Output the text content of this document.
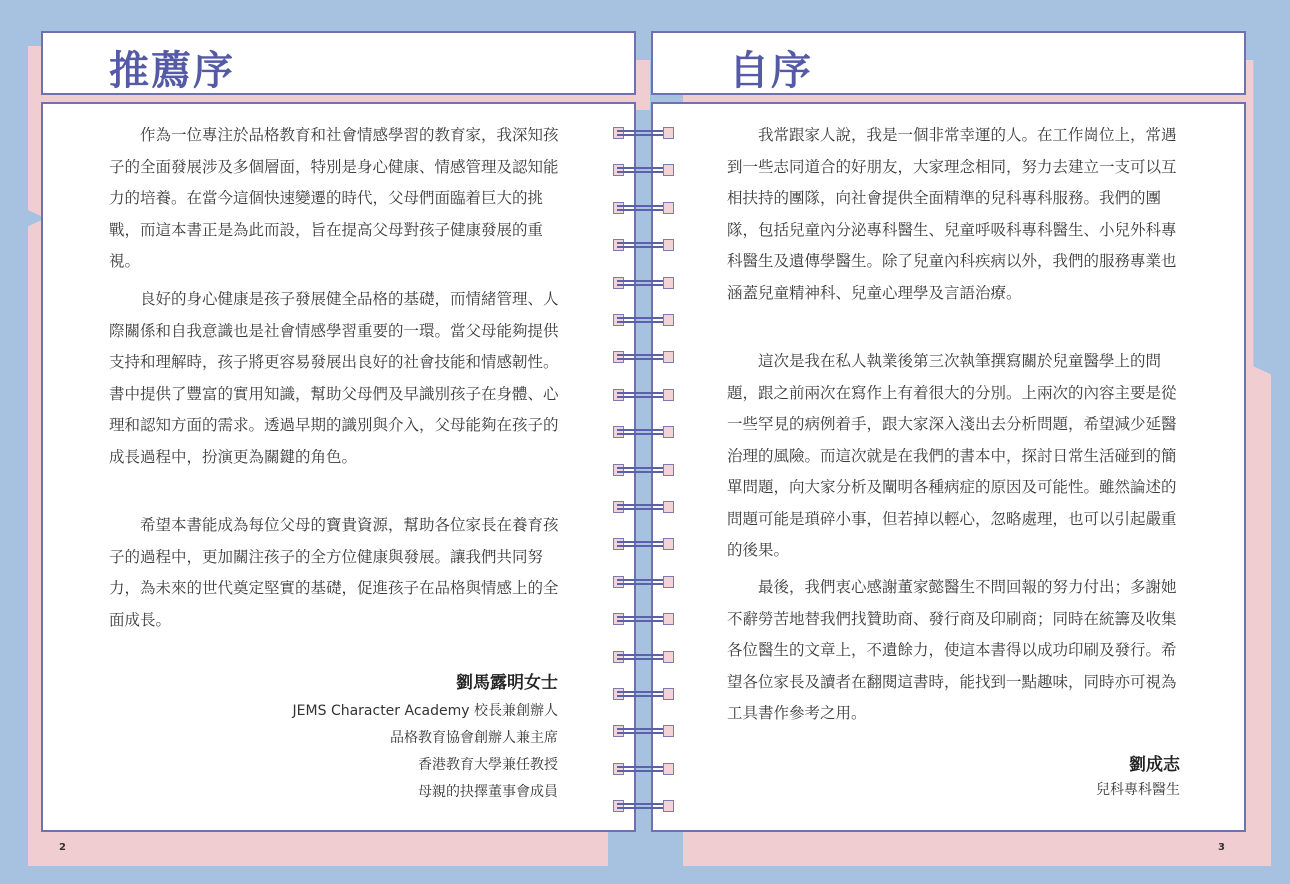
推薦序

作為一位專注於品格教育和社會情感學習的教育家，我深知孩子的全面發展涉及多個層面，特別是身心健康、情感管理及認知能力的培養。在當今這個快速變遷的時代，父母們面臨着巨大的挑戰，而這本書正是為此而設，旨在提高父母對孩子健康發展的重視。

良好的身心健康是孩子發展健全品格的基礎，而情緒管理、人際關係和自我意識也是社會情感學習重要的一環。當父母能夠提供支持和理解時，孩子將更容易發展出良好的社會技能和情感韌性。書中提供了豐富的實用知識，幫助父母們及早識別孩子在身體、心理和認知方面的需求。透過早期的識別與介入，父母能夠在孩子的成長過程中，扮演更為關鍵的角色。

希望本書能成為每位父母的寶貴資源，幫助各位家長在養育孩子的過程中，更加關注孩子的全方位健康與發展。讓我們共同努力，為未來的世代奠定堅實的基礎，促進孩子在品格與情感上的全面成長。

劉馬露明女士
JEMS Character Academy 校長兼創辦人
品格教育協會創辦人兼主席
香港教育大學兼任教授
母親的抉擇董事會成員
2
自序

我常跟家人說，我是一個非常幸運的人。在工作崗位上，常遇到一些志同道合的好朋友，大家理念相同，努力去建立一支可以互相扶持的團隊，向社會提供全面精準的兒科專科服務。我們的團隊，包括兒童內分泌專科醫生、兒童呼吸科專科醫生、小兒外科專科醫生及遺傳學醫生。除了兒童內科疾病以外，我們的服務專業也涵蓋兒童精神科、兒童心理學及言語治療。

這次是我在私人執業後第三次執筆撰寫關於兒童醫學上的問題，跟之前兩次在寫作上有着很大的分別。上兩次的內容主要是從一些罕見的病例着手，跟大家深入淺出去分析問題，希望減少延醫治理的風險。而這次就是在我們的書本中，探討日常生活碰到的簡單問題，向大家分析及闡明各種病症的原因及可能性。雖然論述的問題可能是瑣碎小事，但若掉以輕心，忽略處理，也可以引起嚴重的後果。

最後，我們衷心感謝董家懿醫生不問回報的努力付出；多謝她不辭勞苦地替我們找贊助商、發行商及印刷商；同時在統籌及收集各位醫生的文章上，不遺餘力，使這本書得以成功印刷及發行。希望各位家長及讀者在翻閱這書時，能找到一點趣味，同時亦可視為工具書作參考之用。

劉成志
兒科專科醫生
3
